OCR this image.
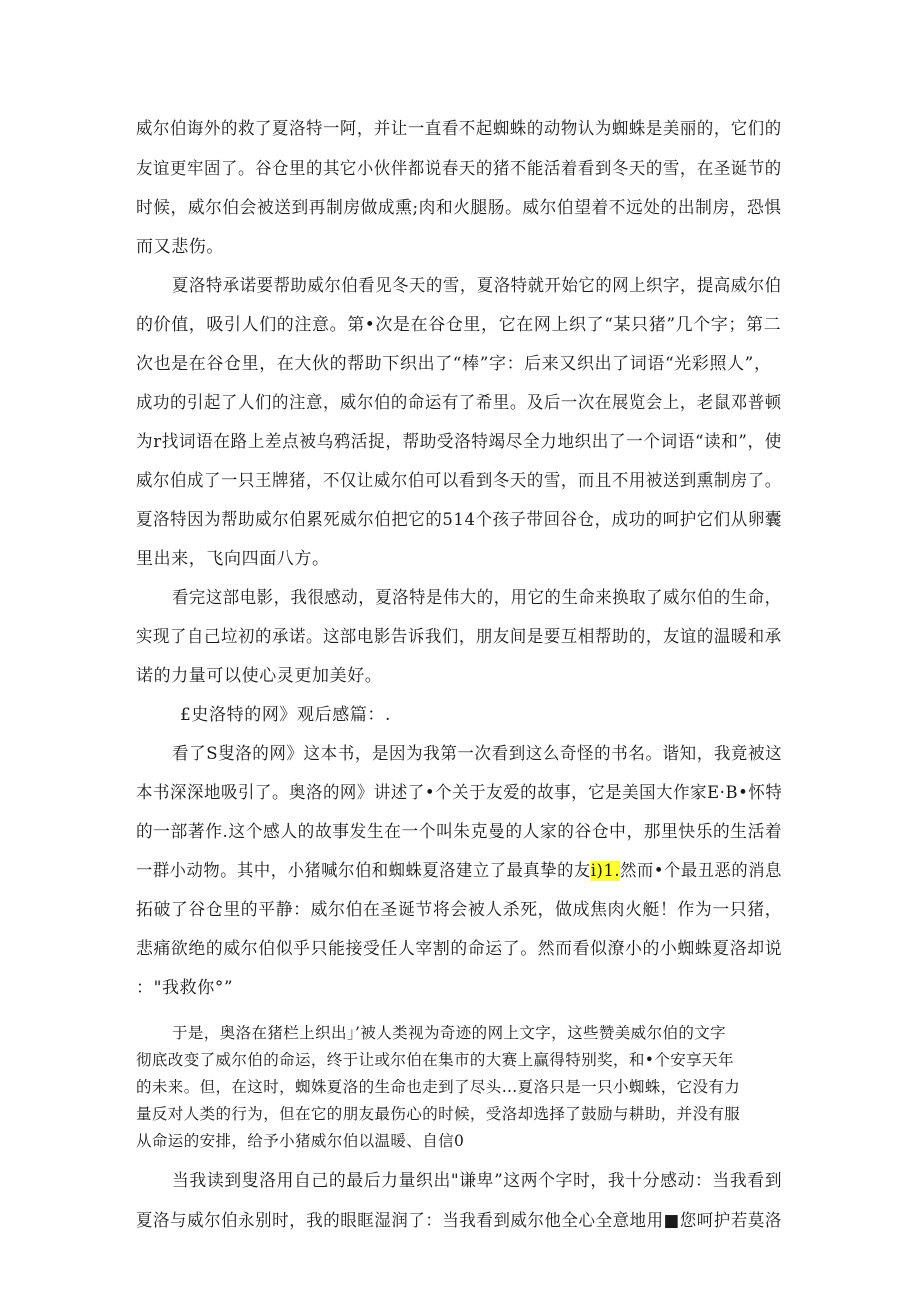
威尔伯诲外的救了夏洛特一阿，并让一直看不起蜘蛛的动物认为蜘蛛是美丽的，它们的
友谊更牢固了。谷仓里的其它小伙伴都说春天的猪不能活着看到冬天的雪，在圣诞节的
时候，威尔伯会被送到再制房做成熏;肉和火腿肠。威尔伯望着不远处的出制房，恐惧
而又悲伤。
夏洛特承诺要帮助威尔伯看见冬天的雪，夏洛特就开始它的网上织字，提高威尔伯
的价值，吸引人们的注意。第•次是在谷仓里，它在网上织了“某只猪”几个字；第二
次也是在谷仓里，在大伙的帮助下织出了“棒”字：后来又织出了词语“光彩照人”，
成功的引起了人们的注意，威尔伯的命运有了希里。及后一次在展览会上，老鼠邓普顿
为r找词语在路上差点被乌鸦活捉，帮助受洛特竭尽全力地织出了一个词语“读和”，使
威尔伯成了一只王牌猪，不仅让威尔伯可以看到冬天的雪，而且不用被送到熏制房了。
夏洛特因为帮助威尔伯累死威尔伯把它的514个孩子带回谷仓，成功的呵护它们从卵囊
里出来，飞向四面八方。
看完这部电影，我很感动，夏洛特是伟大的，用它的生命来换取了威尔伯的生命，
实现了自己垃初的承诺。这部电影告诉我们，朋友间是要互相帮助的，友谊的温暖和承
诺的力量可以使心灵更加美好。
£史洛特的网》观后感篇：.
看了S叟洛的网》这本书，是因为我第一次看到这么奇怪的书名。谐知，我竟被这
本书深深地吸引了。奥洛的网》讲述了•个关于友爱的故事，它是美国大作家E·B•怀特
的一部著作.这个感人的故事发生在一个叫朱克曼的人家的谷仓中，那里快乐的生活着
一群小动物。其中，小猪喊尔伯和蜘蛛夏洛建立了最真挚的友i)1.然而•个最丑恶的消息
拓破了谷仓里的平静：威尔伯在圣诞节将会被人杀死，做成焦肉火艇！作为一只猪，
悲痛欲绝的威尔伯似乎只能接受任人宰割的命运了。然而看似潦小的小蜘蛛夏洛却说
："我救你°”
于是，奥洛在猪栏上织出」’被人类视为奇迹的网上文字，这些赞美威尔伯的文字
彻底改变了威尔伯的命运，终于让或尔伯在集市的大赛上赢得特别奖，和•个安享天年
的未来。但，在这时，蜘姝夏洛的生命也走到了尽头…夏洛只是一只小蜘蛛，它没有力
量反对人类的行为，但在它的朋友最伤心的时候，受洛却选择了鼓励与耕助，并没有服
从命运的安排，给予小猪威尔伯以温暖、自信0
当我读到叟洛用自己的最后力量织出"谦卑”这两个字时，我十分感动：当我看到
夏洛与威尔伯永别时，我的眼眶湿润了：当我看到威尔他全心全意地用■您呵护若莫洛
